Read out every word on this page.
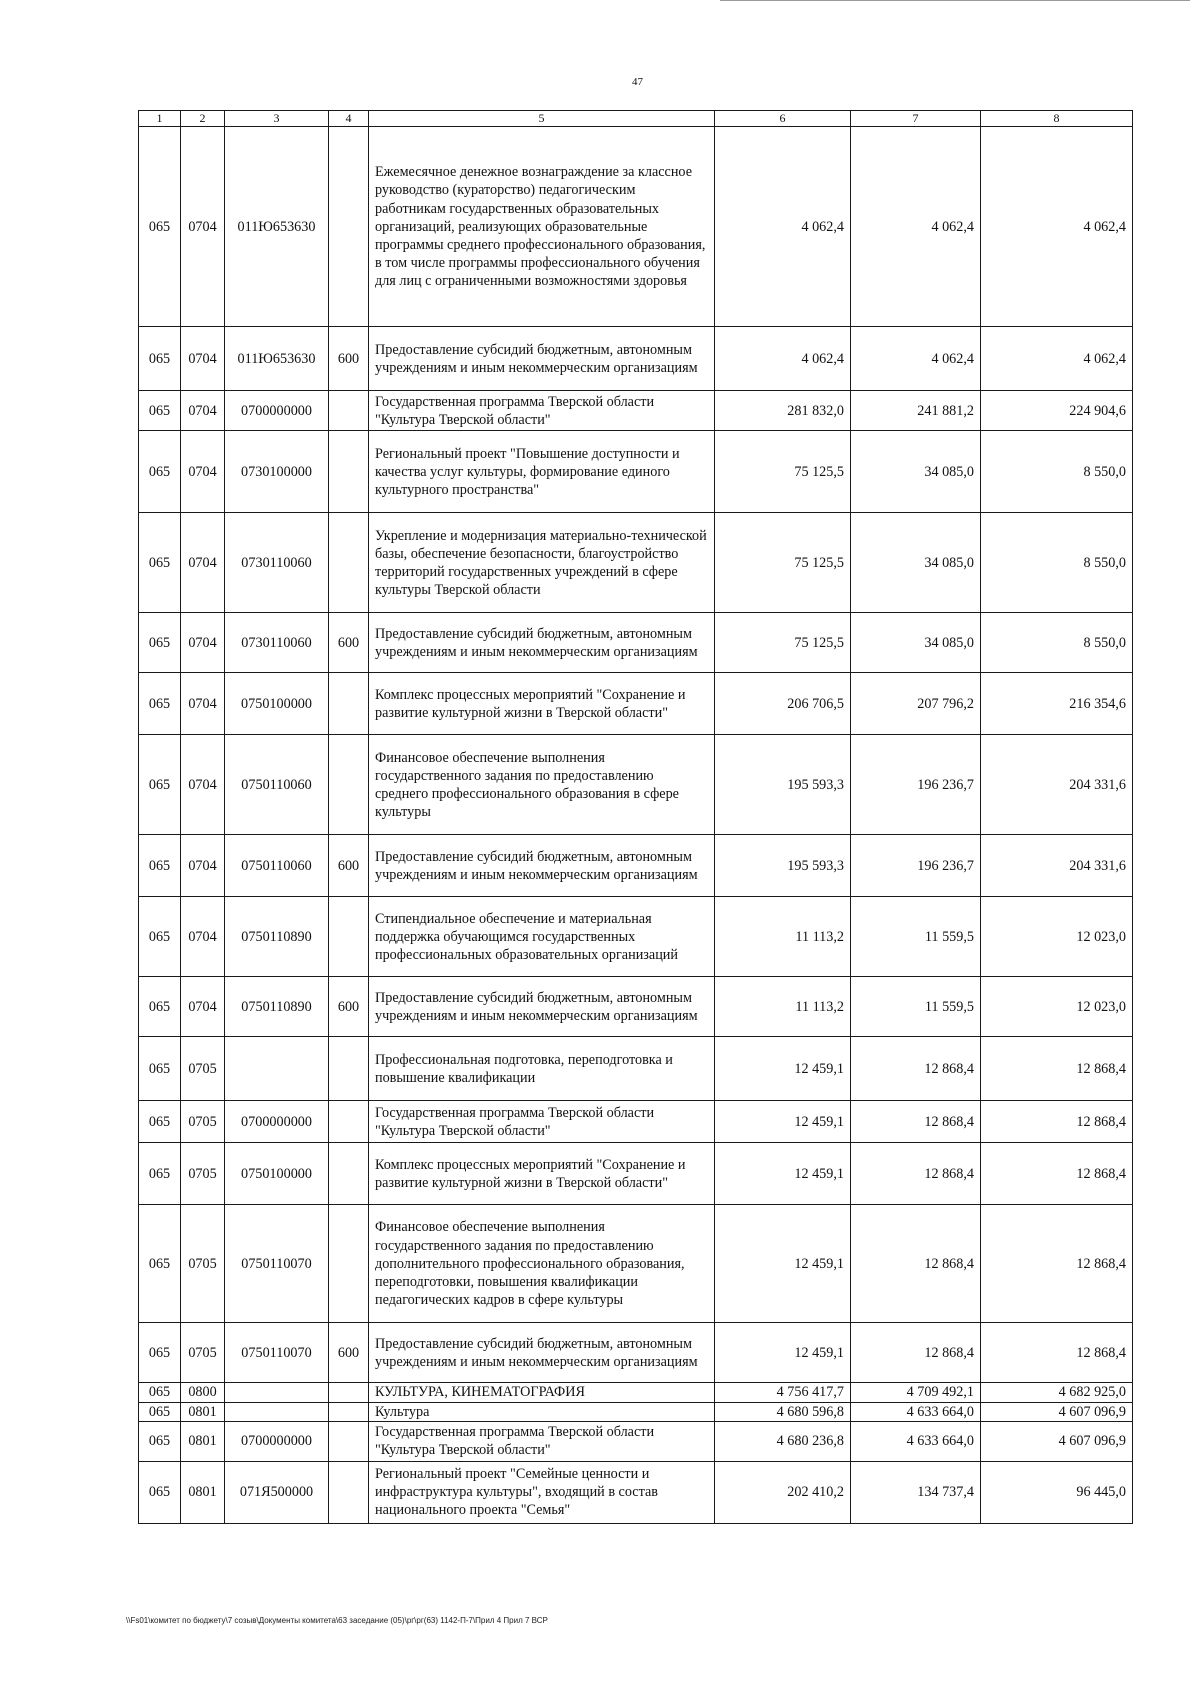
47
1	2	3	4	5	6	7	8
065	0704	011Ю653630		Ежемесячное денежное вознаграждение за классное руководство (кураторство) педагогическим работникам государственных образовательных организаций, реализующих образовательные программы среднего профессионального образования, в том числе программы профессионального обучения для лиц с ограниченными возможностями здоровья	4 062,4	4 062,4	4 062,4
065	0704	011Ю653630	600	Предоставление субсидий бюджетным, автономным учреждениям и иным некоммерческим организациям	4 062,4	4 062,4	4 062,4
065	0704	0700000000		Государственная программа Тверской области "Культура Тверской области"	281 832,0	241 881,2	224 904,6
065	0704	0730100000		Региональный проект "Повышение доступности и качества услуг культуры, формирование единого культурного пространства"	75 125,5	34 085,0	8 550,0
065	0704	0730110060		Укрепление и модернизация материально-технической базы, обеспечение безопасности, благоустройство территорий государственных учреждений в сфере культуры Тверской области	75 125,5	34 085,0	8 550,0
065	0704	0730110060	600	Предоставление субсидий бюджетным, автономным учреждениям и иным некоммерческим организациям	75 125,5	34 085,0	8 550,0
065	0704	0750100000		Комплекс процессных мероприятий "Сохранение и развитие культурной жизни в Тверской области"	206 706,5	207 796,2	216 354,6
065	0704	0750110060		Финансовое обеспечение выполнения государственного задания по предоставлению среднего профессионального образования в сфере культуры	195 593,3	196 236,7	204 331,6
065	0704	0750110060	600	Предоставление субсидий бюджетным, автономным учреждениям и иным некоммерческим организациям	195 593,3	196 236,7	204 331,6
065	0704	0750110890		Стипендиальное обеспечение и материальная поддержка обучающимся государственных профессиональных образовательных организаций	11 113,2	11 559,5	12 023,0
065	0704	0750110890	600	Предоставление субсидий бюджетным, автономным учреждениям и иным некоммерческим организациям	11 113,2	11 559,5	12 023,0
065	0705			Профессиональная подготовка, переподготовка и повышение квалификации	12 459,1	12 868,4	12 868,4
065	0705	0700000000		Государственная программа Тверской области "Культура Тверской области"	12 459,1	12 868,4	12 868,4
065	0705	0750100000		Комплекс процессных мероприятий "Сохранение и развитие культурной жизни в Тверской области"	12 459,1	12 868,4	12 868,4
065	0705	0750110070		Финансовое обеспечение выполнения государственного задания по предоставлению дополнительного профессионального образования, переподготовки, повышения квалификации педагогических кадров в сфере культуры	12 459,1	12 868,4	12 868,4
065	0705	0750110070	600	Предоставление субсидий бюджетным, автономным учреждениям и иным некоммерческим организациям	12 459,1	12 868,4	12 868,4
065	0800			КУЛЬТУРА, КИНЕМАТОГРАФИЯ	4 756 417,7	4 709 492,1	4 682 925,0
065	0801			Культура	4 680 596,8	4 633 664,0	4 607 096,9
065	0801	0700000000		Государственная программа Тверской области "Культура Тверской области"	4 680 236,8	4 633 664,0	4 607 096,9
065	0801	071Я500000		Региональный проект "Семейные ценности и инфраструктура культуры", входящий в состав национального проекта "Семья"	202 410,2	134 737,4	96 445,0
\\Fs01\комитет по бюджету\7 созыв\Документы комитета\63 заседание (05)\рг\рг(63) 1142-П-7\Прил 4 Прил 7 ВСР
